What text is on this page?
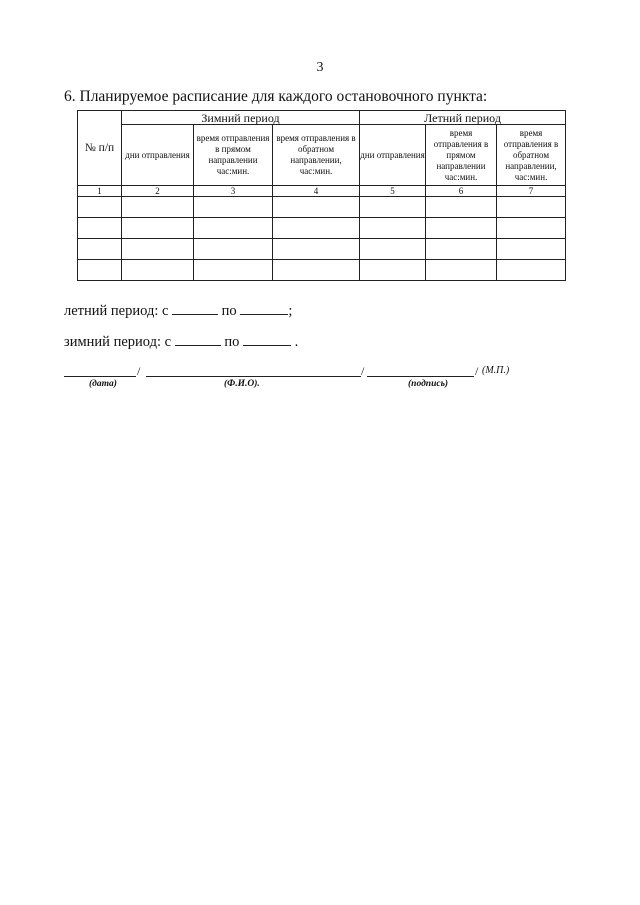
3
6. Планируемое расписание для каждого остановочного пункта:
№ п/п	Зимний период			Летний период		
	дни отправления	время отправления в прямом направлении час:мин.	время отправления в обратном направлении, час:мин.	дни отправления	время отправления в прямом направлении час:мин.	время отправления в обратном направлении, час:мин.
1	2	3	4	5	6	7

летний период: с	по	;
зимний период: с	по	.
/	/	/ (М.П.)
(дата)	(Ф.И.О).	(подпись)
